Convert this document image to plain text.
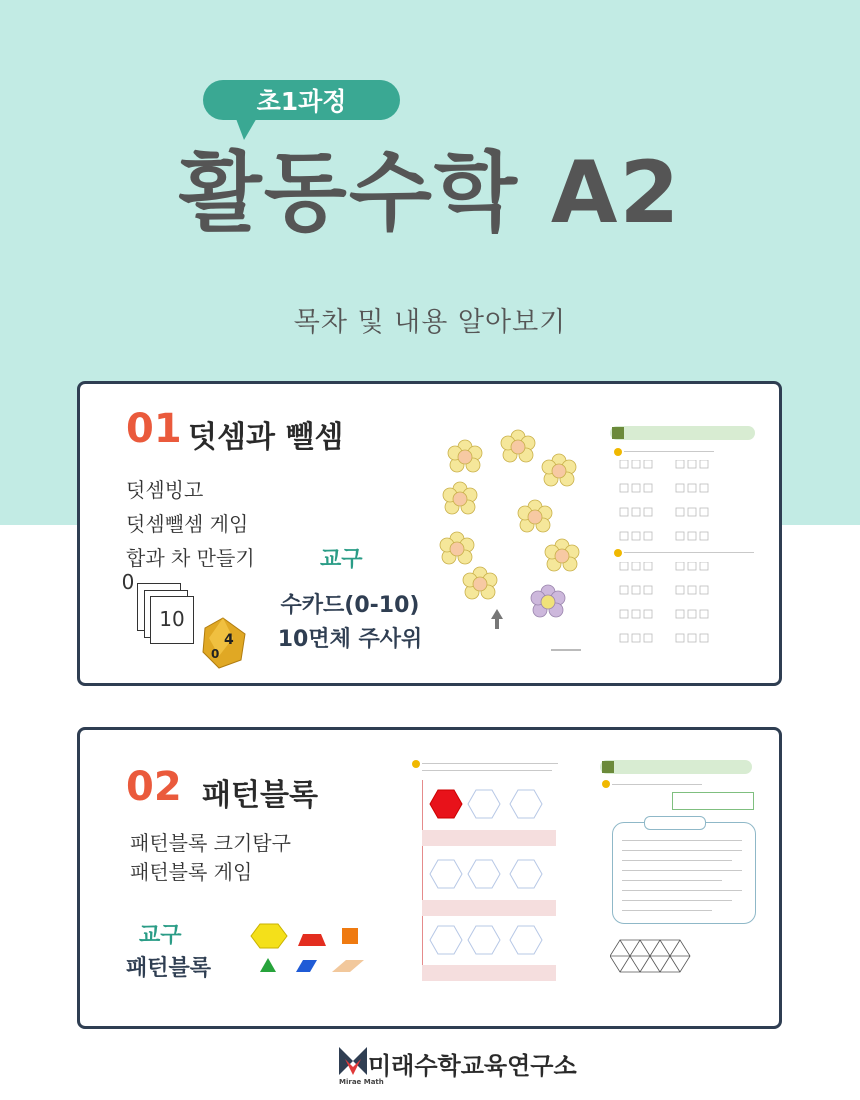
초1과정
활동수학 A2
목차 및 내용 알아보기
01 덧셈과 뺄셈
덧셈빙고
덧셈뺄셈 게임
합과 차 만들기	교구
수카드(0-10)
10면체 주사위
0
10
4
0
02 패턴블록
패턴블록 크기탐구
패턴블록 게임
교구
패턴블록
Mirae Math
미래수학교육연구소
